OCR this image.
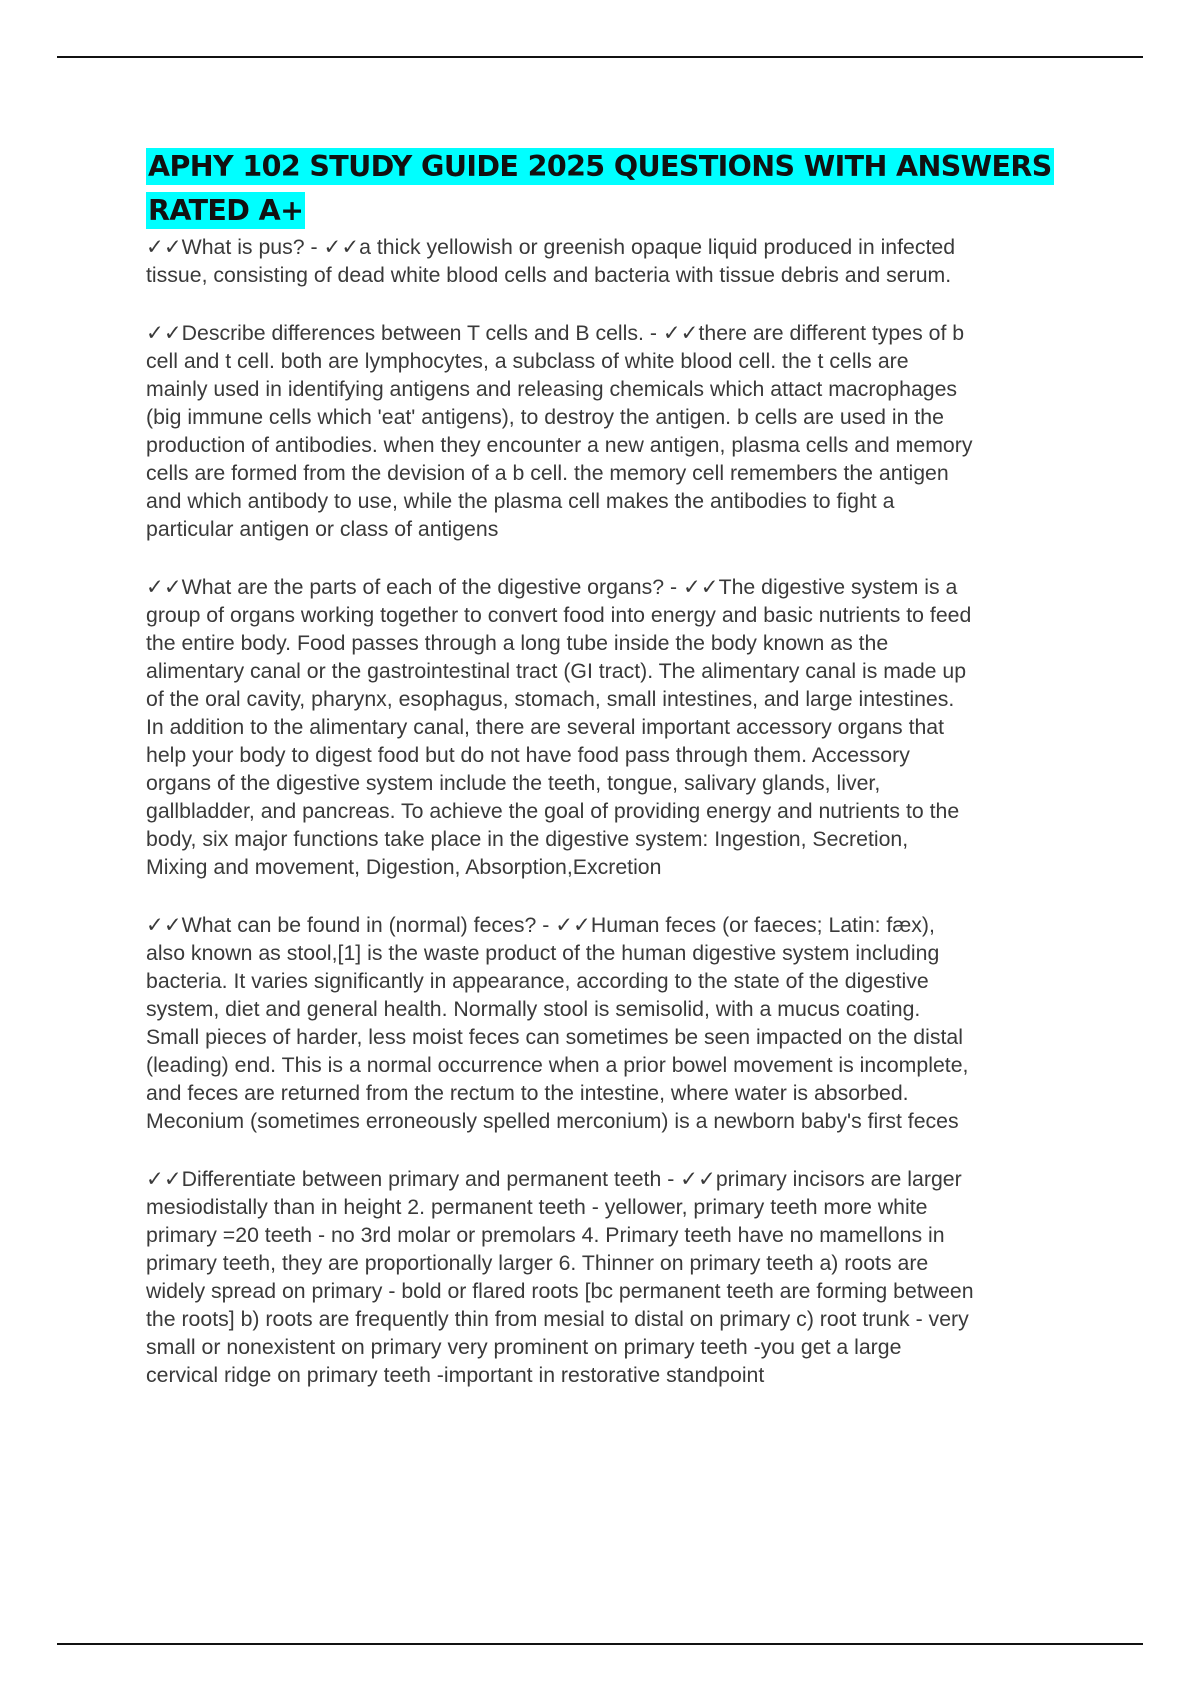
APHY 102 STUDY GUIDE 2025 QUESTIONS WITH ANSWERS
RATED A+
✓✓What is pus? - ✓✓a thick yellowish or greenish opaque liquid produced in infected
tissue, consisting of dead white blood cells and bacteria with tissue debris and serum.
✓✓Describe differences between T cells and B cells. - ✓✓there are different types of b
cell and t cell. both are lymphocytes, a subclass of white blood cell. the t cells are
mainly used in identifying antigens and releasing chemicals which attact macrophages
(big immune cells which 'eat' antigens), to destroy the antigen. b cells are used in the
production of antibodies. when they encounter a new antigen, plasma cells and memory
cells are formed from the devision of a b cell. the memory cell remembers the antigen
and which antibody to use, while the plasma cell makes the antibodies to fight a
particular antigen or class of antigens
✓✓What are the parts of each of the digestive organs? - ✓✓The digestive system is a
group of organs working together to convert food into energy and basic nutrients to feed
the entire body. Food passes through a long tube inside the body known as the
alimentary canal or the gastrointestinal tract (GI tract). The alimentary canal is made up
of the oral cavity, pharynx, esophagus, stomach, small intestines, and large intestines.
In addition to the alimentary canal, there are several important accessory organs that
help your body to digest food but do not have food pass through them. Accessory
organs of the digestive system include the teeth, tongue, salivary glands, liver,
gallbladder, and pancreas. To achieve the goal of providing energy and nutrients to the
body, six major functions take place in the digestive system: Ingestion, Secretion,
Mixing and movement, Digestion, Absorption,Excretion
✓✓What can be found in (normal) feces? - ✓✓Human feces (or faeces; Latin: fæx),
also known as stool,[1] is the waste product of the human digestive system including
bacteria. It varies significantly in appearance, according to the state of the digestive
system, diet and general health. Normally stool is semisolid, with a mucus coating.
Small pieces of harder, less moist feces can sometimes be seen impacted on the distal
(leading) end. This is a normal occurrence when a prior bowel movement is incomplete,
and feces are returned from the rectum to the intestine, where water is absorbed.
Meconium (sometimes erroneously spelled merconium) is a newborn baby's first feces
✓✓Differentiate between primary and permanent teeth - ✓✓primary incisors are larger
mesiodistally than in height 2. permanent teeth - yellower, primary teeth more white
primary =20 teeth - no 3rd molar or premolars 4. Primary teeth have no mamellons in
primary teeth, they are proportionally larger 6. Thinner on primary teeth a) roots are
widely spread on primary - bold or flared roots [bc permanent teeth are forming between
the roots] b) roots are frequently thin from mesial to distal on primary c) root trunk - very
small or nonexistent on primary very prominent on primary teeth -you get a large
cervical ridge on primary teeth -important in restorative standpoint
